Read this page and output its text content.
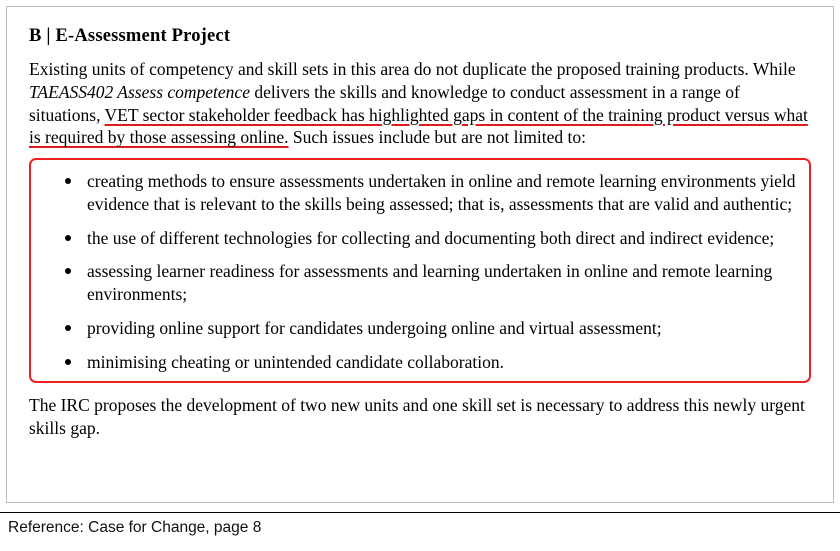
B | E-Assessment Project

Existing units of competency and skill sets in this area do not duplicate the proposed training products. While TAEASS402 Assess competence delivers the skills and knowledge to conduct assessment in a range of situations, VET sector stakeholder feedback has highlighted gaps in content of the training product versus what is required by those assessing online. Such issues include but are not limited to:

creating methods to ensure assessments undertaken in online and remote learning environments yield evidence that is relevant to the skills being assessed; that is, assessments that are valid and authentic;
the use of different technologies for collecting and documenting both direct and indirect evidence;
assessing learner readiness for assessments and learning undertaken in online and remote learning environments;
providing online support for candidates undergoing online and virtual assessment;
minimising cheating or unintended candidate collaboration.

The IRC proposes the development of two new units and one skill set is necessary to address this newly urgent skills gap.

Reference: Case for Change, page 8
